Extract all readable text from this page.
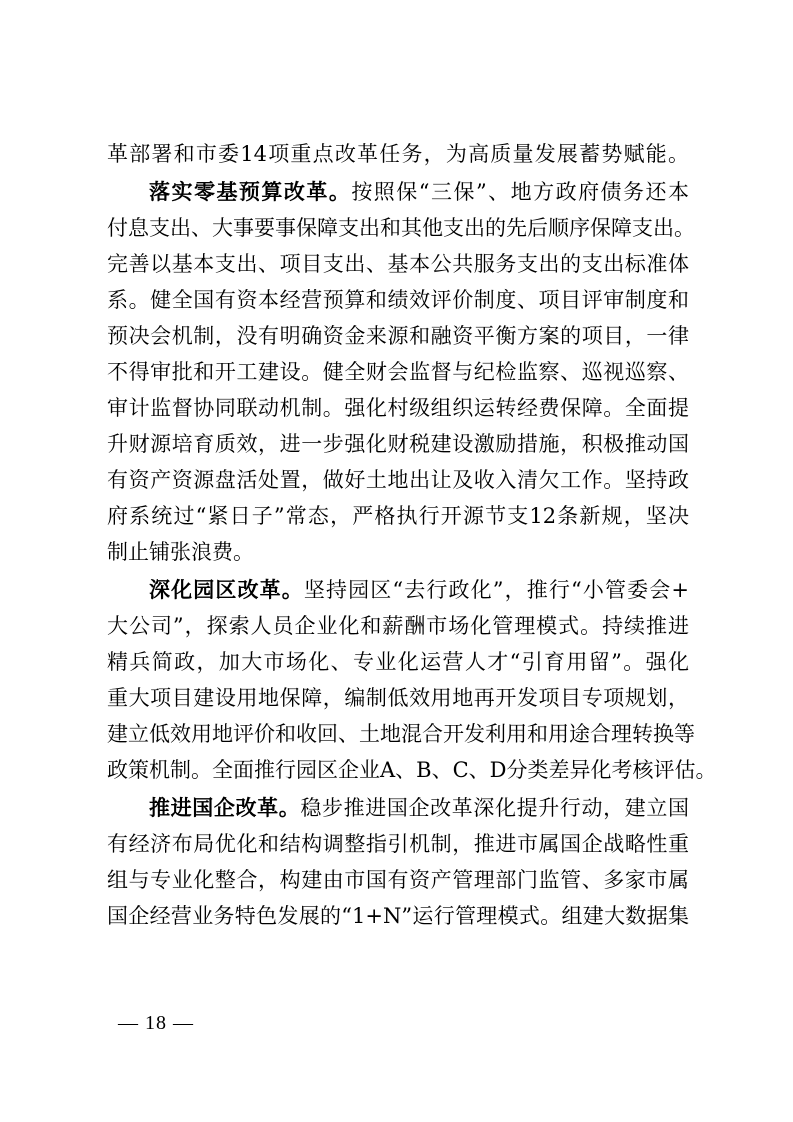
革部署和市委14项重点改革任务，为高质量发展蓄势赋能。
落实零基预算改革。按照保“三保”、地方政府债务还本
付息支出、大事要事保障支出和其他支出的先后顺序保障支出。
完善以基本支出、项目支出、基本公共服务支出的支出标准体
系。健全国有资本经营预算和绩效评价制度、项目评审制度和
预决会机制，没有明确资金来源和融资平衡方案的项目，一律
不得审批和开工建设。健全财会监督与纪检监察、巡视巡察、
审计监督协同联动机制。强化村级组织运转经费保障。全面提
升财源培育质效，进一步强化财税建设激励措施，积极推动国
有资产资源盘活处置，做好土地出让及收入清欠工作。坚持政
府系统过“紧日子”常态，严格执行开源节支12条新规，坚决
制止铺张浪费。
深化园区改革。坚持园区“去行政化”，推行“小管委会+
大公司”，探索人员企业化和薪酬市场化管理模式。持续推进
精兵简政，加大市场化、专业化运营人才“引育用留”。强化
重大项目建设用地保障，编制低效用地再开发项目专项规划，
建立低效用地评价和收回、土地混合开发利用和用途合理转换等
政策机制。全面推行园区企业A、B、C、D分类差异化考核评估。
推进国企改革。稳步推进国企改革深化提升行动，建立国
有经济布局优化和结构调整指引机制，推进市属国企战略性重
组与专业化整合，构建由市国有资产管理部门监管、多家市属
国企经营业务特色发展的“1+N”运行管理模式。组建大数据集
— 18 —
